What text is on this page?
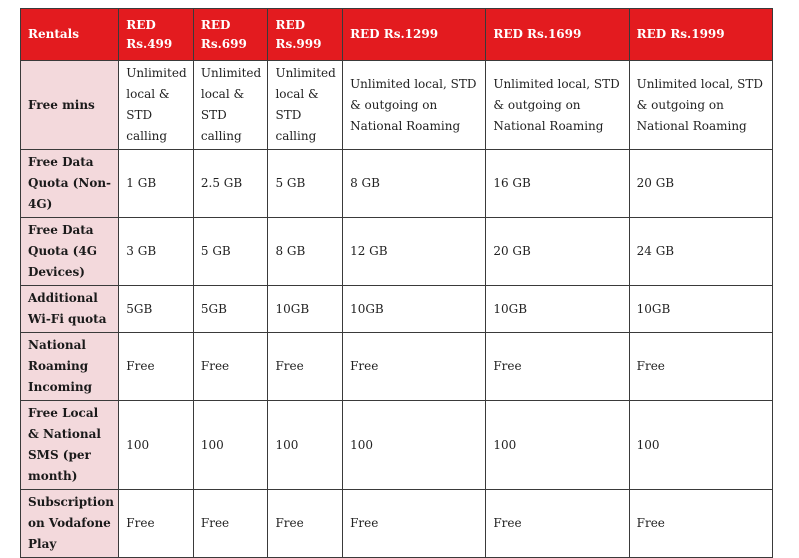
Rentals	RED Rs.499	RED Rs.699	RED Rs.999	RED Rs.1299	RED Rs.1699	RED Rs.1999
Free mins	Unlimited local & STD calling	Unlimited local & STD calling	Unlimited local & STD calling	Unlimited local, STD & outgoing on National Roaming	Unlimited local, STD & outgoing on National Roaming	Unlimited local, STD & outgoing on National Roaming
Free Data Quota (Non-4G)	1 GB	2.5 GB	5 GB	8 GB	16 GB	20 GB
Free Data Quota (4G Devices)	3 GB	5 GB	8 GB	12 GB	20 GB	24 GB
Additional Wi-Fi quota	5GB	5GB	10GB	10GB	10GB	10GB
National Roaming Incoming	Free	Free	Free	Free	Free	Free
Free Local & National SMS (per month)	100	100	100	100	100	100
Subscription on Vodafone Play	Free	Free	Free	Free	Free	Free
